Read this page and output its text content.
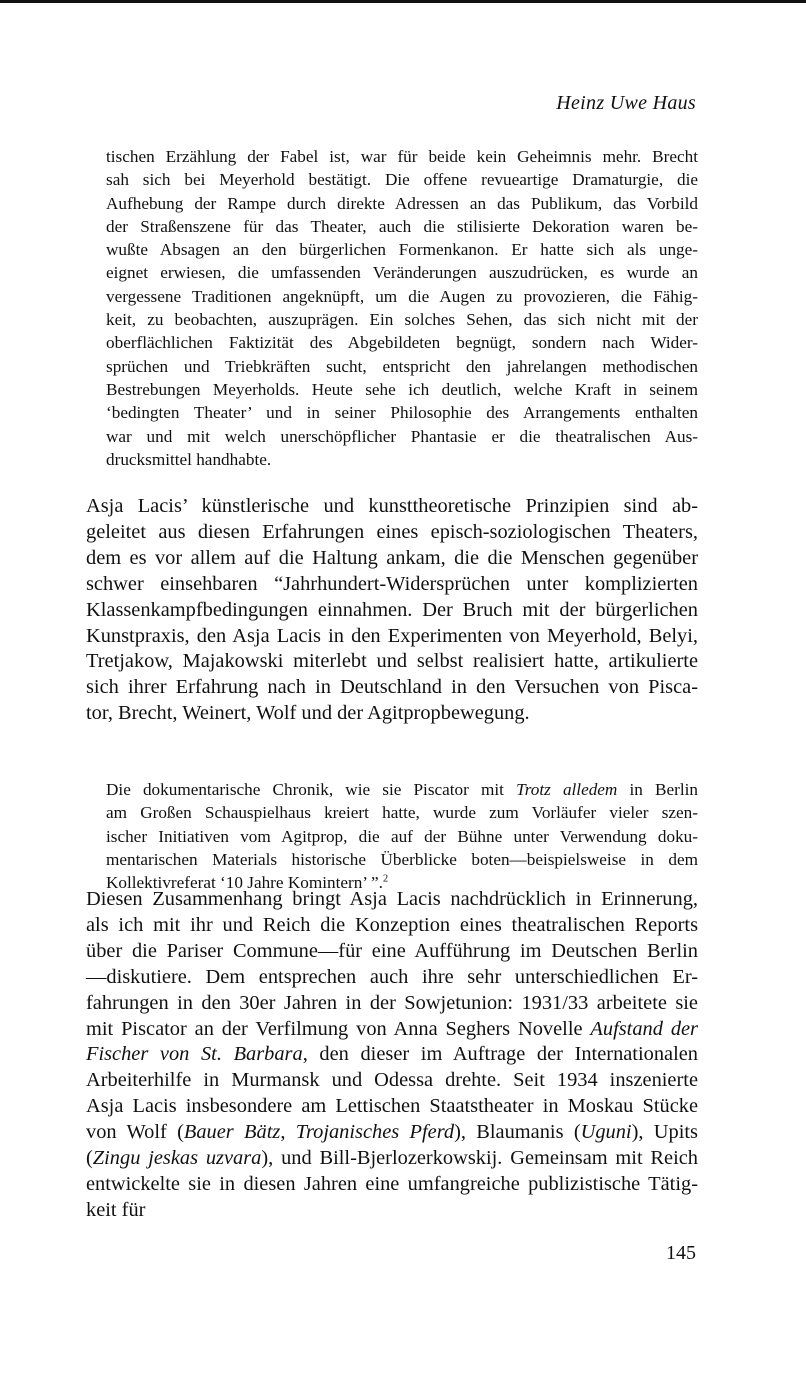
Heinz Uwe Haus
tischen Erzählung der Fabel ist, war für beide kein Geheimnis mehr. Brecht
sah sich bei Meyerhold bestätigt. Die offene revueartige Dramaturgie, die
Aufhebung der Rampe durch direkte Adressen an das Publikum, das Vorbild
der Straßenszene für das Theater, auch die stilisierte Dekoration waren be-
wußte Absagen an den bürgerlichen Formenkanon. Er hatte sich als unge-
eignet erwiesen, die umfassenden Veränderungen auszudrücken, es wurde an
vergessene Traditionen angeknüpft, um die Augen zu provozieren, die Fähig-
keit, zu beobachten, auszuprägen. Ein solches Sehen, das sich nicht mit der
oberflächlichen Faktizität des Abgebildeten begnügt, sondern nach Wider-
sprüchen und Triebkräften sucht, entspricht den jahrelangen methodischen
Bestrebungen Meyerholds. Heute sehe ich deutlich, welche Kraft in seinem
‘bedingten Theater’ und in seiner Philosophie des Arrangements enthalten
war und mit welch unerschöpflicher Phantasie er die theatralischen Aus-
drucksmittel handhabte.
Asja Lacis’ künstlerische und kunsttheoretische Prinzipien sind ab-
geleitet aus diesen Erfahrungen eines episch-soziologischen Theaters,
dem es vor allem auf die Haltung ankam, die die Menschen gegenüber
schwer einsehbaren “Jahrhundert-Widersprüchen unter komplizierten
Klassenkampfbedingungen einnahmen. Der Bruch mit der bürgerlichen
Kunstpraxis, den Asja Lacis in den Experimenten von Meyerhold, Belyi,
Tretjakow, Majakowski miterlebt und selbst realisiert hatte, artikulierte
sich ihrer Erfahrung nach in Deutschland in den Versuchen von Pisca-
tor, Brecht, Weinert, Wolf und der Agitpropbewegung.
Die dokumentarische Chronik, wie sie Piscator mit Trotz alledem in Berlin
am Großen Schauspielhaus kreiert hatte, wurde zum Vorläufer vieler szen-
ischer Initiativen vom Agitprop, die auf der Bühne unter Verwendung doku-
mentarischen Materials historische Überblicke boten—beispielsweise in dem
Kollektivreferat ‘10 Jahre Komintern’ ”.$^2$
Diesen Zusammenhang bringt Asja Lacis nachdrücklich in Erinnerung,
als ich mit ihr und Reich die Konzeption eines theatralischen Reports
über die Pariser Commune—für eine Aufführung im Deutschen Berlin
—diskutiere. Dem entsprechen auch ihre sehr unterschiedlichen Er-
fahrungen in den 30er Jahren in der Sowjetunion: 1931/33 arbeitete sie
mit Piscator an der Verfilmung von Anna Seghers Novelle Aufstand der
Fischer von St. Barbara, den dieser im Auftrage der Internationalen
Arbeiterhilfe in Murmansk und Odessa drehte. Seit 1934 inszenierte
Asja Lacis insbesondere am Lettischen Staatstheater in Moskau Stücke
von Wolf (Bauer Bätz, Trojanisches Pferd), Blaumanis (Uguni), Upits
(Zingu jeskas uzvara), und Bill-Bjerlozerkowskij. Gemeinsam mit Reich
entwickelte sie in diesen Jahren eine umfangreiche publizistische Tätig-
keit für
145
